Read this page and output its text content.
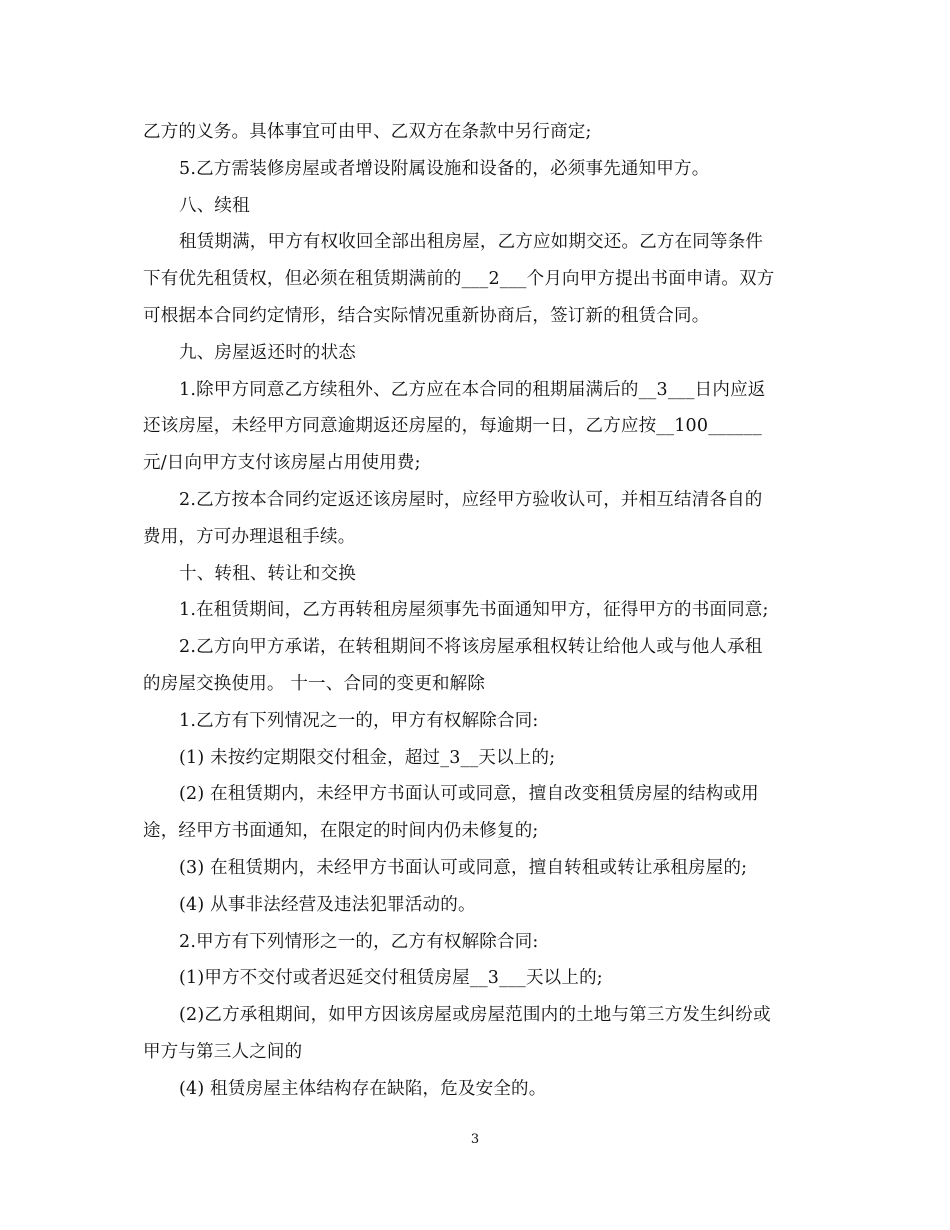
乙方的义务。具体事宜可由甲、乙双方在条款中另行商定;
5.乙方需装修房屋或者增设附属设施和设备的，必须事先通知甲方。
八、续租
租赁期满，甲方有权收回全部出租房屋，乙方应如期交还。乙方在同等条件
下有优先租赁权，但必须在租赁期满前的___2___个月向甲方提出书面申请。双方
可根据本合同约定情形，结合实际情况重新协商后，签订新的租赁合同。
九、房屋返还时的状态
1.除甲方同意乙方续租外、乙方应在本合同的租期届满后的__3___日内应返
还该房屋，未经甲方同意逾期返还房屋的，每逾期一日，乙方应按__100______
元/日向甲方支付该房屋占用使用费;
2.乙方按本合同约定返还该房屋时，应经甲方验收认可，并相互结清各自的
费用，方可办理退租手续。
十、转租、转让和交换
1.在租赁期间，乙方再转租房屋须事先书面通知甲方，征得甲方的书面同意;
2.乙方向甲方承诺，在转租期间不将该房屋承租权转让给他人或与他人承租
的房屋交换使用。 十一、合同的变更和解除
1.乙方有下列情况之一的，甲方有权解除合同:
(1) 未按约定期限交付租金，超过_3__天以上的;
(2) 在租赁期内，未经甲方书面认可或同意，擅自改变租赁房屋的结构或用
途，经甲方书面通知，在限定的时间内仍未修复的;
(3) 在租赁期内，未经甲方书面认可或同意，擅自转租或转让承租房屋的;
(4) 从事非法经营及违法犯罪活动的。
2.甲方有下列情形之一的，乙方有权解除合同:
(1)甲方不交付或者迟延交付租赁房屋__3___天以上的;
(2)乙方承租期间，如甲方因该房屋或房屋范围内的土地与第三方发生纠纷或
甲方与第三人之间的
(4) 租赁房屋主体结构存在缺陷，危及安全的。
3
